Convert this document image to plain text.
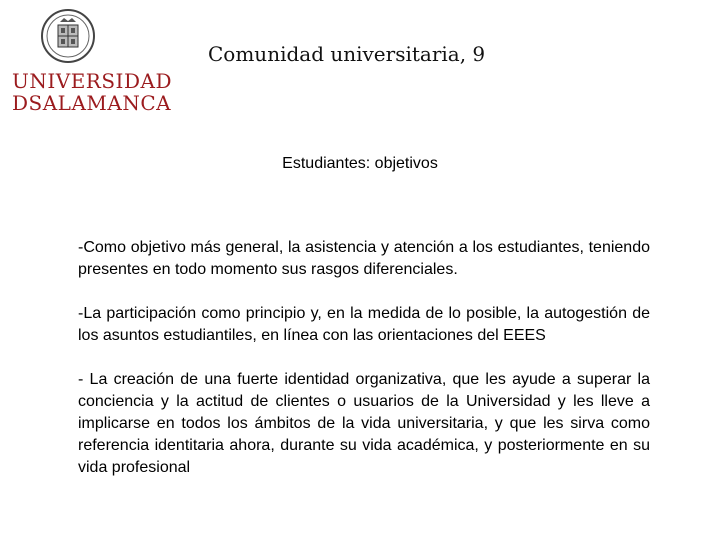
UNIVERSIDAD
DSALAMANCA
Comunidad universitaria, 9
Estudiantes: objetivos

-Como objetivo más general, la asistencia y atención a los estudiantes, teniendo presentes en todo momento sus rasgos diferenciales.

-La participación como principio y, en la medida de lo posible, la autogestión de los asuntos estudiantiles, en línea con las orientaciones del EEES

- La creación de una fuerte identidad organizativa, que les ayude a superar la conciencia y la actitud de clientes o usuarios de la Universidad y les lleve a implicarse en todos los ámbitos de la vida universitaria, y que les sirva como referencia identitaria ahora, durante su vida académica, y posteriormente en su vida profesional
